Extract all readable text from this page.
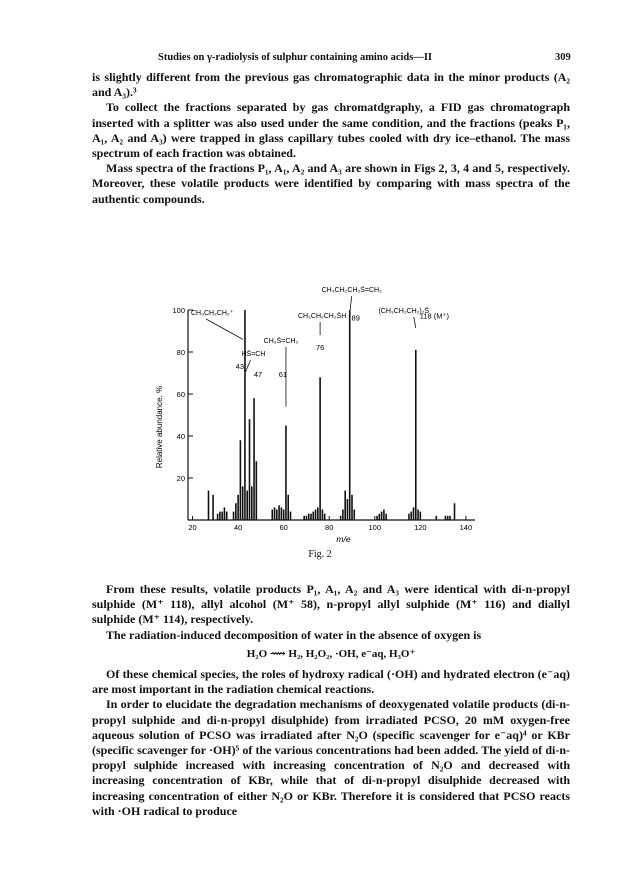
Studies on γ-radiolysis of sulphur containing amino acids—II	309

is slightly different from the previous gas chromatographic data in the minor products (A₂ and A₃).³

To collect the fractions separated by gas chromatdgraphy, a FID gas chromatograph inserted with a splitter was also used under the same condition, and the fractions (peaks P₁, A₁, A₂ and A₃) were trapped in glass capillary tubes cooled with dry ice–ethanol. The mass spectrum of each fraction was obtained.

Mass spectra of the fractions P₁, A₁, A₂ and A₃ are shown in Figs 2, 3, 4 and 5, respectively. Moreover, these volatile products were identified by comparing with mass spectra of the authentic compounds.

20
40
60
80
100
20	40	60	80	100	120	140
m/e
Relative abundance, %
43
47 61
76
89	118 (M⁺)
CH₃CH₂CH₂⁺
HS̈=CH
CH₃S̈=CH₂
CH₃CH₂CH₂S̈H
CH₃CH₂CH₂S̈=CH₂
(CH₃CH₂CH₂)₂S̈
Fig. 2

From these results, volatile products P₁, A₁, A₂ and A₃ were identical with di-n-propyl sulphide (M⁺ 118), allyl alcohol (M⁺ 58), n-propyl allyl sulphide (M⁺ 116) and diallyl sulphide (M⁺ 114), respectively.

The radiation-induced decomposition of water in the absence of oxygen is

H₂O ⟿ H₂, H₂O₂, ·OH, e⁻aq, H₃O⁺

Of these chemical species, the roles of hydroxy radical (·OH) and hydrated electron (e⁻aq) are most important in the radiation chemical reactions.

In order to elucidate the degradation mechanisms of deoxygenated volatile products (di-n-propyl sulphide and di-n-propyl disulphide) from irradiated PCSO, 20 mM oxygen-free aqueous solution of PCSO was irradiated after N₂O (specific scavenger for e⁻aq)⁴ or KBr (specific scavenger for ·OH)⁵ of the various concentrations had been added. The yield of di-n-propyl sulphide increased with increasing concentration of N₂O and decreased with increasing concentration of KBr, while that of di-n-propyl disulphide decreased with increasing concentration of either N₂O or KBr. Therefore it is considered that PCSO reacts with ·OH radical to produce
